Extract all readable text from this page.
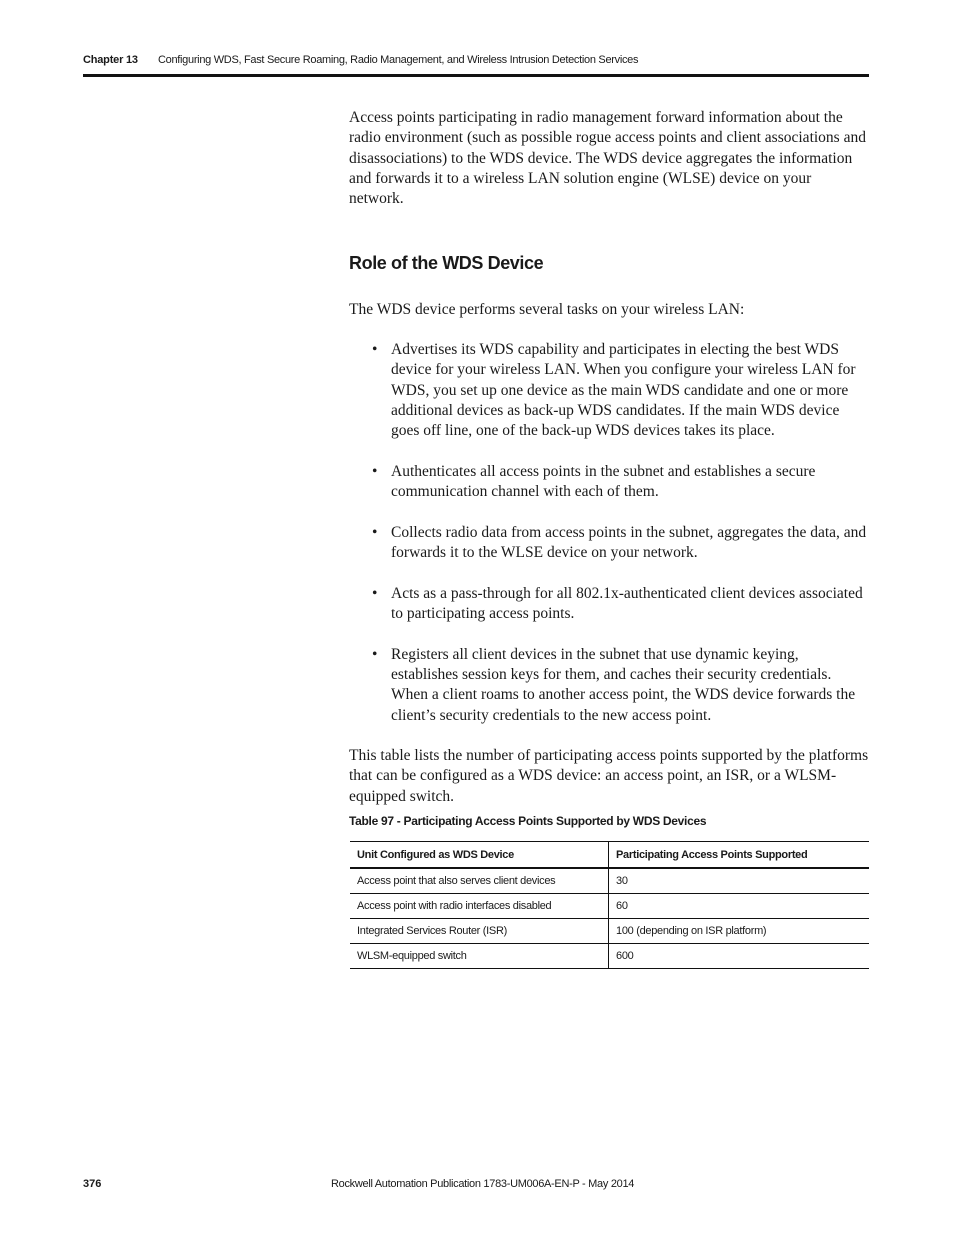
Chapter 13 Configuring WDS, Fast Secure Roaming, Radio Management, and Wireless Intrusion Detection Services
Access points participating in radio management forward information about the radio environment (such as possible rogue access points and client associations and disassociations) to the WDS device. The WDS device aggregates the information and forwards it to a wireless LAN solution engine (WLSE) device on your network.
Role of the WDS Device
The WDS device performs several tasks on your wireless LAN:
• Advertises its WDS capability and participates in electing the best WDS device for your wireless LAN. When you configure your wireless LAN for WDS, you set up one device as the main WDS candidate and one or more additional devices as back-up WDS candidates. If the main WDS device goes off line, one of the back-up WDS devices takes its place.
• Authenticates all access points in the subnet and establishes a secure communication channel with each of them.
• Collects radio data from access points in the subnet, aggregates the data, and forwards it to the WLSE device on your network.
• Acts as a pass-through for all 802.1x-authenticated client devices associated to participating access points.
• Registers all client devices in the subnet that use dynamic keying, establishes session keys for them, and caches their security credentials. When a client roams to another access point, the WDS device forwards the client’s security credentials to the new access point.
This table lists the number of participating access points supported by the platforms that can be configured as a WDS device: an access point, an ISR, or a WLSM-equipped switch.
Table 97 - Participating Access Points Supported by WDS Devices
Unit Configured as WDS Device	Participating Access Points Supported
Access point that also serves client devices	30
Access point with radio interfaces disabled	60
Integrated Services Router (ISR)	100 (depending on ISR platform)
WLSM-equipped switch	600
376	Rockwell Automation Publication 1783-UM006A-EN-P - May 2014
